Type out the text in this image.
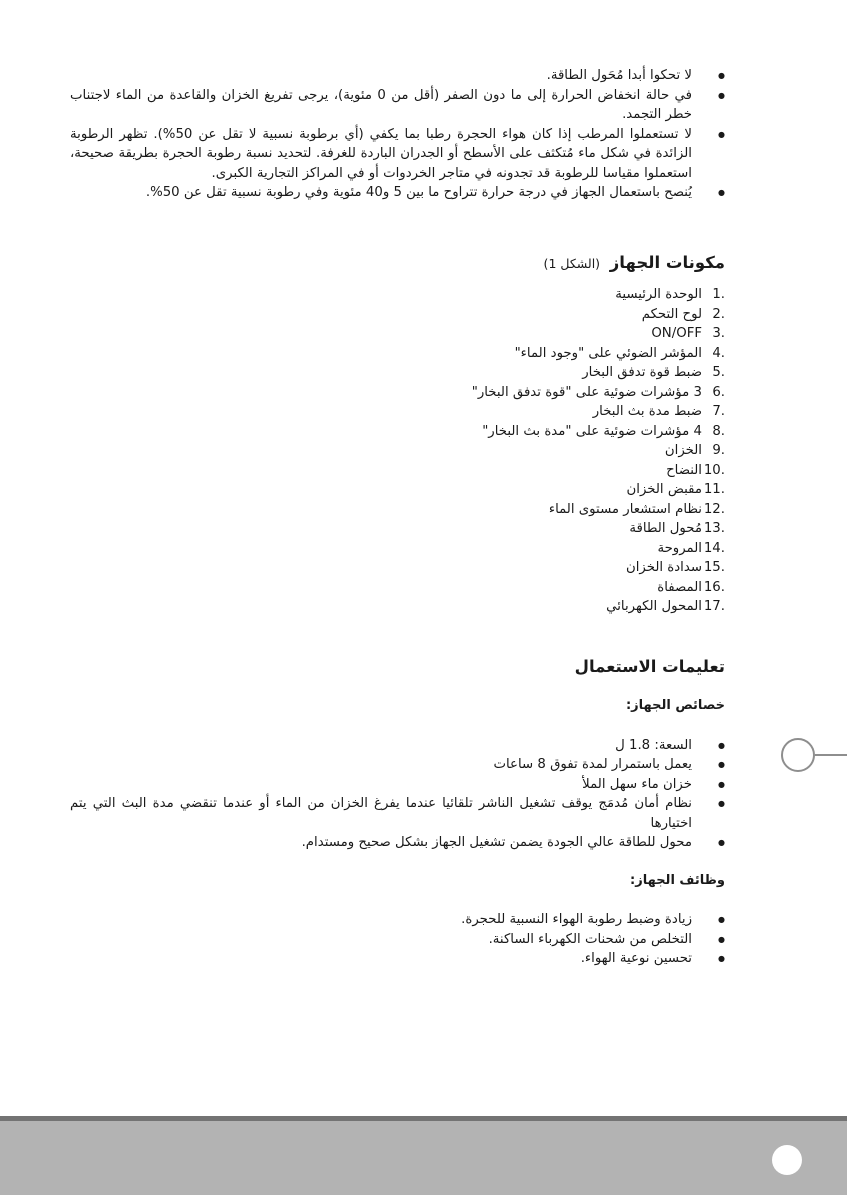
● لا تحكوا أبدا مُحَول الطاقة.
● في حالة انخفاض الحرارة إلى ما دون الصفر (أقل من 0 مئوية)، يرجى تفريغ الخزان والقاعدة من الماء لاجتناب خطر التجمد.
● لا تستعملوا المرطب إذا كان هواء الحجرة رطبا بما يكفي (أي برطوبة نسبية لا تقل عن 50%). تظهر الرطوبة الزائدة في شكل ماء مُتكثف على الأسطح أو الجدران الباردة للغرفة. لتحديد نسبة رطوبة الحجرة بطريقة صحيحة، استعملوا مقياسا للرطوبة قد تجدونه في متاجر الخردوات أو في المراكز التجارية الكبرى.
● يُنصح باستعمال الجهاز في درجة حرارة تتراوح ما بين 5 و40 مئوية وفي رطوبة نسبية تقل عن 50%.
مكونات الجهاز (الشكل 1)
1.
الوحدة الرئيسية
2.
لوح التحكم
3.
ON/OFF
4.
المؤشر الضوئي على "وجود الماء"
5.
ضبط قوة تدفق البخار
6.
3 مؤشرات ضوئية على "قوة تدفق البخار"
7.
ضبط مدة بث البخار
8.
4 مؤشرات ضوئية على "مدة بث البخار"
9.
الخزان
10.
النضاح
11.
مقبض الخزان
12.
نظام استشعار مستوى الماء
13.
مُحول الطاقة
14.
المروحة
15.
سدادة الخزان
16.
المصفاة
17.
المحول الكهربائي
تعليمات الاستعمال
خصائص الجهاز:
● السعة: 1.8 ل
● يعمل باستمرار لمدة تفوق 8 ساعات
● خزان ماء سهل الملأ
● نظام أمان مُدمَج يوقف تشغيل الناشر تلقائيا عندما يفرغ الخزان من الماء أو عندما تنقضي مدة البث التي يتم اختيارها
● محول للطاقة عالي الجودة يضمن تشغيل الجهاز بشكل صحيح ومستدام.
وظائف الجهاز:
● زيادة وضبط رطوبة الهواء النسبية للحجرة.
● التخلص من شحنات الكهرباء الساكنة.
● تحسين نوعية الهواء.
